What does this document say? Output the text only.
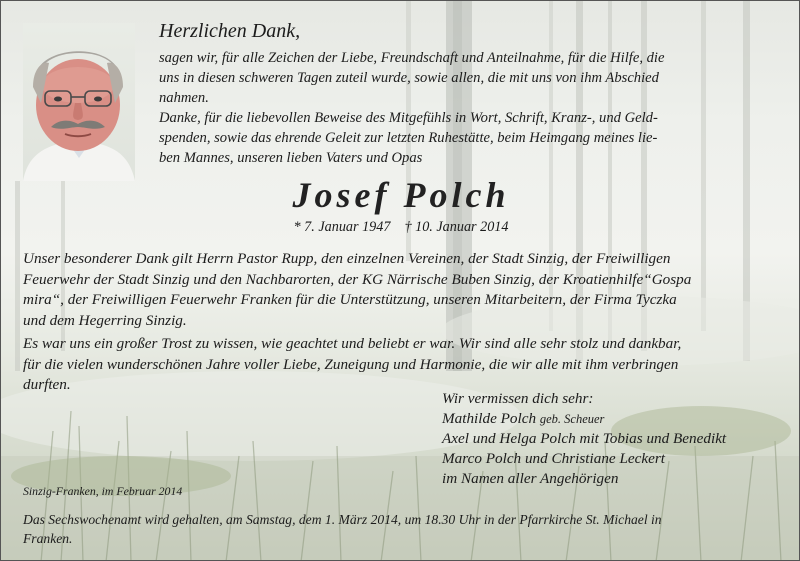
Herzlichen Dank,

sagen wir, für alle Zeichen der Liebe, Freundschaft und Anteilnahme, für die Hilfe, die
uns in diesen schweren Tagen zuteil wurde, sowie allen, die mit uns von ihm Abschied
nahmen.
Danke, für die liebevollen Beweise des Mitgefühls in Wort, Schrift, Kranz-, und Geld-
spenden, sowie das ehrende Geleit zur letzten Ruhestätte, beim Heimgang meines lie-
ben Mannes, unseren lieben Vaters und Opas
Josef Polch
* 7. Januar 1947 † 10. Januar 2014
Unser besonderer Dank gilt Herrn Pastor Rupp, den einzelnen Vereinen, der Stadt Sinzig, der Freiwilligen
Feuerwehr der Stadt Sinzig und den Nachbarorten, der KG Närrische Buben Sinzig, der Kroatienhilfe“Gospa
mira“, der Freiwilligen Feuerwehr Franken für die Unterstützung, unseren Mitarbeitern, der Firma Tyczka
und dem Hegerring Sinzig.
Es war uns ein großer Trost zu wissen, wie geachtet und beliebt er war. Wir sind alle sehr stolz und dankbar,
für die vielen wunderschönen Jahre voller Liebe, Zuneigung und Harmonie, die wir alle mit ihm verbringen
durften.
Wir vermissen dich sehr:
Mathilde Polch geb. Scheuer
Axel und Helga Polch mit Tobias und Benedikt
Marco Polch und Christiane Leckert
im Namen aller Angehörigen
Sinzig-Franken, im Februar 2014
Das Sechswochenamt wird gehalten, am Samstag, dem 1. März 2014, um 18.30 Uhr in der Pfarrkirche St. Michael in
Franken.
